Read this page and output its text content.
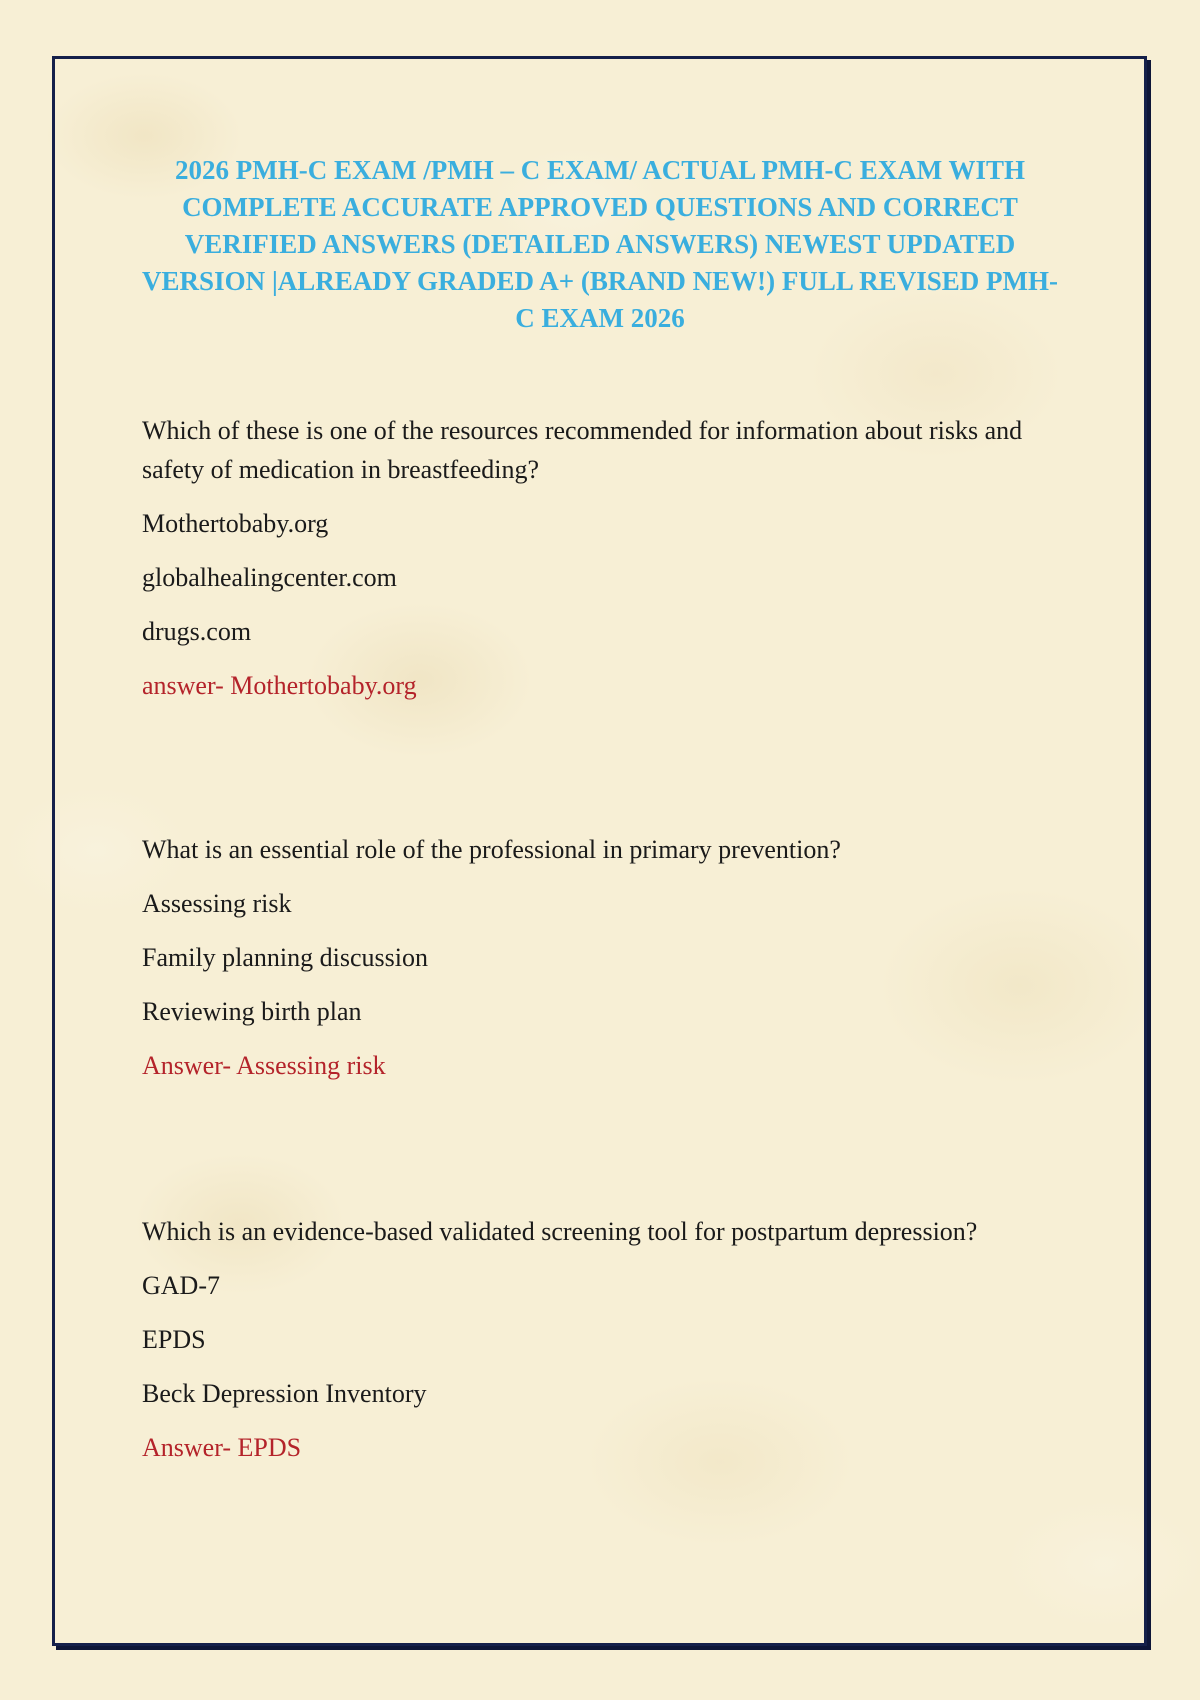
2026 PMH-C EXAM /PMH – C EXAM/ ACTUAL PMH-C EXAM WITH COMPLETE ACCURATE APPROVED QUESTIONS AND CORRECT VERIFIED ANSWERS (DETAILED ANSWERS) NEWEST UPDATED VERSION |ALREADY GRADED A+ (BRAND NEW!) FULL REVISED PMH-C EXAM 2026

Which of these is one of the resources recommended for information about risks and safety of medication in breastfeeding?

Mothertobaby.org

globalhealingcenter.com

drugs.com

answer- Mothertobaby.org

What is an essential role of the professional in primary prevention?

Assessing risk

Family planning discussion

Reviewing birth plan

Answer- Assessing risk

Which is an evidence-based validated screening tool for postpartum depression?

GAD-7

EPDS

Beck Depression Inventory

Answer- EPDS
